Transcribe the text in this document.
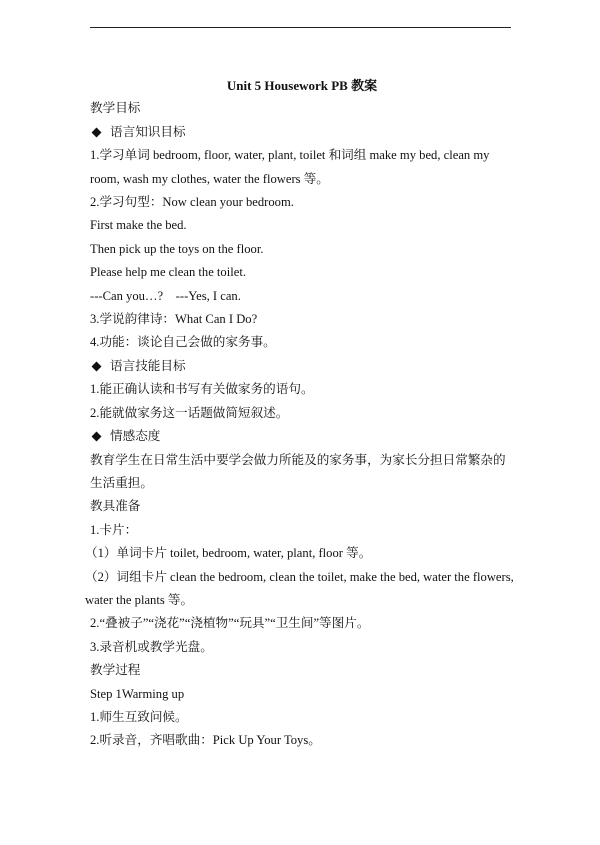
Unit 5 Housework PB 教案
教学目标
语言知识目标
1.学习单词 bedroom, floor, water, plant, toilet 和词组 make my bed, clean my room, wash my clothes, water the flowers 等。
2.学习句型：Now clean your bedroom.
First make the bed.
Then pick up the toys on the floor.
Please help me clean the toilet.
---Can you…?    ---Yes, I can.
3.学说韵律诗：What Can I Do?
4.功能：谈论自己会做的家务事。
语言技能目标
1.能正确认读和书写有关做家务的语句。
2.能就做家务这一话题做简短叙述。
情感态度
教育学生在日常生活中要学会做力所能及的家务事，为家长分担日常繁杂的生活重担。
教具准备
1.卡片：
（1）单词卡片 toilet, bedroom, water, plant, floor 等。
（2）词组卡片 clean the bedroom, clean the toilet, make the bed, water the flowers, water the plants 等。
2.“叠被子”“浇花”“浇植物”“玩具”“卫生间”等图片。
3.录音机或教学光盘。
教学过程
Step 1Warming up
1.师生互致问候。
2.听录音，齐唱歌曲：Pick Up Your Toys。
